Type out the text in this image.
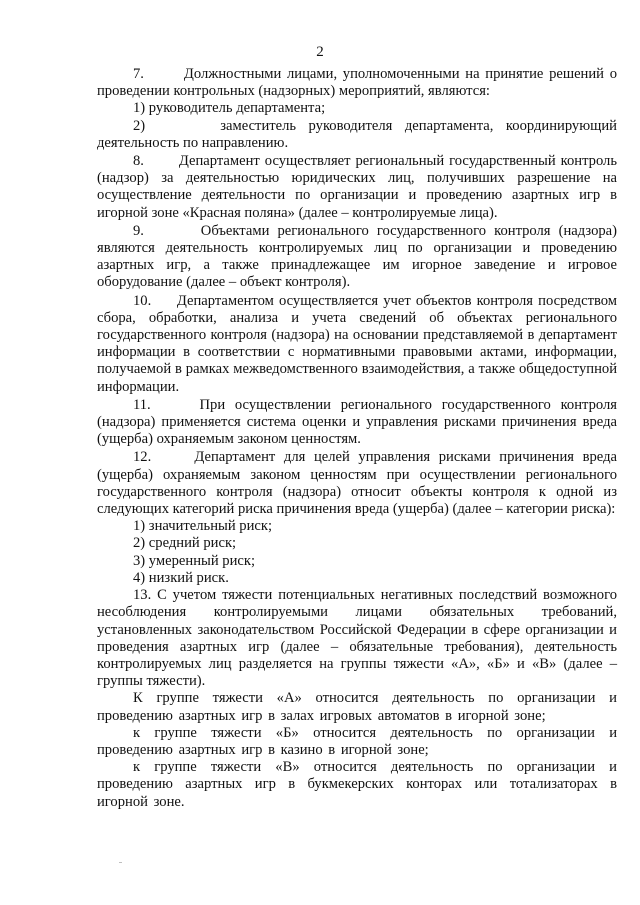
2

7.       Должностными лицами, уполномоченными на принятие решений о проведении контрольных (надзорных) мероприятий, являются:

1) руководитель департамента;

2)      заместитель руководителя департамента, координирующий деятельность по направлению.

8.       Департамент осуществляет региональный государственный контроль (надзор) за деятельностью юридических лиц, получивших разрешение на осуществление деятельности по организации и проведению азартных игр в игорной зоне «Красная поляна» (далее – контролируемые лица).

9.       Объектами регионального государственного контроля (надзора) являются деятельность контролируемых лиц по организации и проведению азартных игр, а также принадлежащее им игорное заведение и игровое оборудование (далее – объект контроля).

10.     Департаментом осуществляется учет объектов контроля посредством сбора, обработки, анализа и учета сведений об объектах регионального государственного контроля (надзора) на основании представляемой в департамент информации в соответствии с нормативными правовыми актами, информации, получаемой в рамках межведомственного взаимодействия, а также общедоступной информации.

11.     При осуществлении регионального государственного контроля (надзора) применяется система оценки и управления рисками причинения вреда (ущерба) охраняемым законом ценностям.

12.     Департамент для целей управления рисками причинения вреда (ущерба) охраняемым законом ценностям при осуществлении регионального государственного контроля (надзора) относит объекты контроля к одной из следующих категорий риска причинения вреда (ущерба) (далее – категории риска):

1) значительный риск;

2) средний риск;

3) умеренный риск;

4) низкий риск.

13. С учетом тяжести потенциальных негативных последствий возможного несоблюдения контролируемыми лицами обязательных требований, установленных законодательством Российской Федерации в сфере организации и проведения азартных игр (далее – обязательные требования), деятельность контролируемых лиц разделяется на группы тяжести «А», «Б» и «В» (далее – группы тяжести).

К группе тяжести «А» относится деятельность по организации и проведению азартных игр в залах игровых автоматов в игорной зоне;

к группе тяжести «Б» относится деятельность по организации и проведению азартных игр в казино в игорной зоне;

к группе тяжести «В» относится деятельность по организации и проведению азартных игр в букмекерских конторах или тотализаторах в игорной зоне.
